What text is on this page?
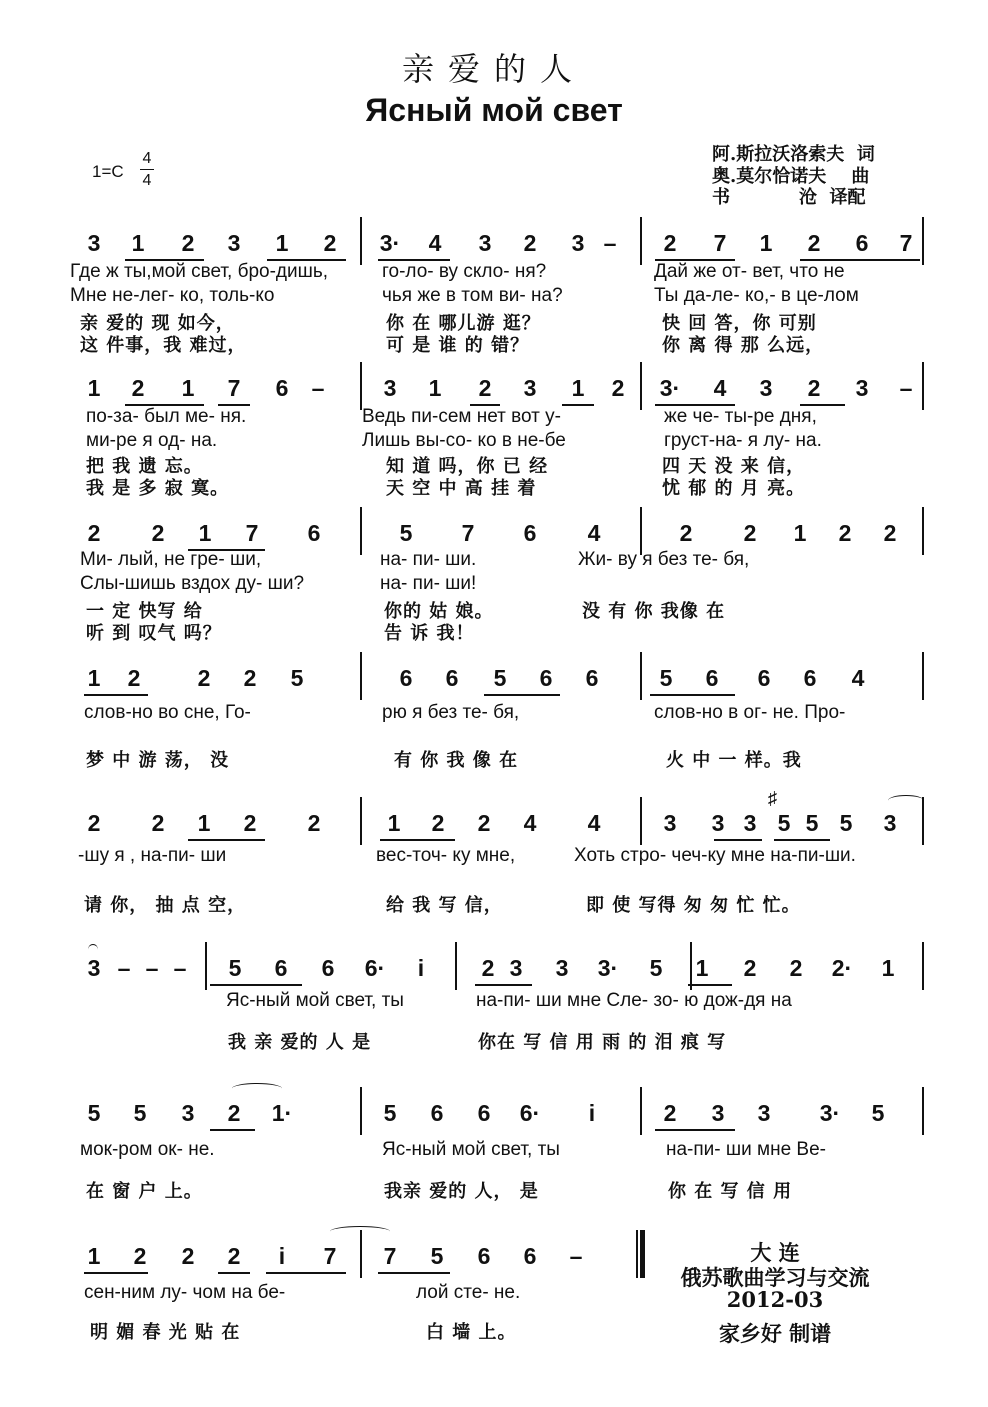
亲爱的人
Ясный мой свет
1=C
4
4
阿.斯拉沃洛索夫  词
奥.莫尔恰诺夫    曲
书           沧  译配
3	1	2	3	1	2	3·	4	3	2	3 –	2	7	1	2	6	7
Где ж ты,мой свет, бро-дишь,	го-ло- ву скло- ня?	Дай же от- вет, что не
Мне не-лег- ко, толь-ко	чья же в том ви- на?	Ты да-ле- ко,- в це-лом
亲 爱的 现 如今，	你 在 哪儿游 逛？	快 回 答，你 可别
这 件事，我 难过，	可 是 谁 的 错？	你 离 得 那 么远，
1	2	1	7	6	–	3	1	2	3	1	2	3·	4	3	2	3	–
по-за- был ме- ня.	Ведь пи-сем нет вот у-	же че- ты-ре дня,
ми-ре я од- на.	Лишь вы-со- ко в не-бе	груст-на- я лу- на.
把 我 遗 忘。	知 道 吗，你 已 经	四 天 没 来 信，
我 是 多 寂 寞。	天 空 中 高 挂 着	忧 郁 的 月 亮。
2	2	1	7	6	5	7	6	4	2	2	1	2	2
Ми- лый, не гре- ши,	на- пи- ши.	Жи- ву я без те- бя,
Слы-шишь вздох ду- ши?	на- пи- ши!
一 定 快写 给	你的 姑 娘。	没 有 你 我像 在
听 到 叹气 吗？	告 诉 我！
1	2	2	2	5	6	6	5	6	6	5	6	6	6	4
слов-но во сне, Го-	рю я без те- бя,	слов-но в ог- не. Про-
梦 中 游 荡， 没	有 你 我 像 在	火 中 一 样。我
2	2	1	2	2	1	2	2	4	4	3	3 3 5 5 5	3
-шу я , на-пи- ши	вес-точ- ку мне,	Хоть стро- чеч-ку мне на-пи-ши.
请 你， 抽 点 空，	给 我 写 信，	即 使 写得 匆 匆 忙 忙。
3 – – –	5	6	6	6·	i	2 3	3	3·	5	1	2	2	2·	1
Яс-ный мой свет, ты	на-пи- ши мне Сле- зо- ю дож-дя на
我 亲 爱的 人 是	你在 写 信 用 雨 的 泪 痕 写
5	5	3	2	1·	5	6	6	6·	i	2	3	3	3·	5
мок-ром ок- не.	Яс-ный мой свет, ты	на-пи- ши мне Ве-
在 窗 户 上。	我亲 爱的 人， 是	你 在 写 信 用
1	2	2	2	i	7	7	5	6	6	–
сен-ним лу- чом на бе-	лой сте- не.
明 媚 春 光 贴 在	白 墙 上。
♯
大 连
俄苏歌曲学习与交流
2012-03
家乡好 制谱
